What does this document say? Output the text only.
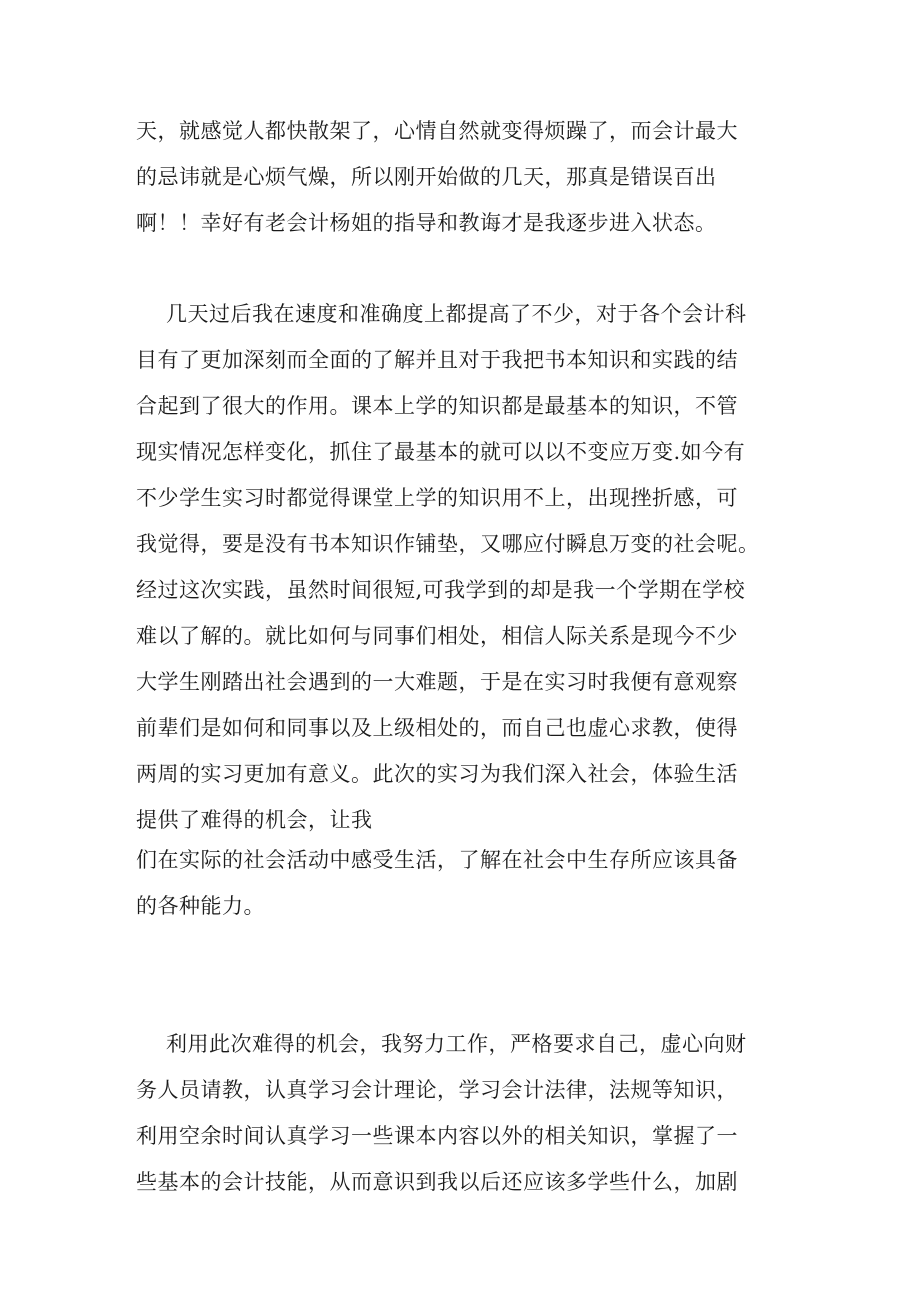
天，就感觉人都快散架了，心情自然就变得烦躁了，而会计最大
的忌讳就是心烦气燥，所以刚开始做的几天，那真是错误百出
啊！！幸好有老会计杨姐的指导和教诲才是我逐步进入状态。
几天过后我在速度和准确度上都提高了不少，对于各个会计科
目有了更加深刻而全面的了解并且对于我把书本知识和实践的结
合起到了很大的作用。课本上学的知识都是最基本的知识，不管
现实情况怎样变化，抓住了最基本的就可以以不变应万变.如今有
不少学生实习时都觉得课堂上学的知识用不上，出现挫折感，可
我觉得，要是没有书本知识作铺垫，又哪应付瞬息万变的社会呢。
经过这次实践，虽然时间很短,可我学到的却是我一个学期在学校
难以了解的。就比如何与同事们相处，相信人际关系是现今不少
大学生刚踏出社会遇到的一大难题，于是在实习时我便有意观察
前辈们是如何和同事以及上级相处的，而自己也虚心求教，使得
两周的实习更加有意义。此次的实习为我们深入社会，体验生活
提供了难得的机会，让我
们在实际的社会活动中感受生活，了解在社会中生存所应该具备
的各种能力。
利用此次难得的机会，我努力工作，严格要求自己，虚心向财
务人员请教，认真学习会计理论，学习会计法律，法规等知识，
利用空余时间认真学习一些课本内容以外的相关知识，掌握了一
些基本的会计技能，从而意识到我以后还应该多学些什么，加剧
